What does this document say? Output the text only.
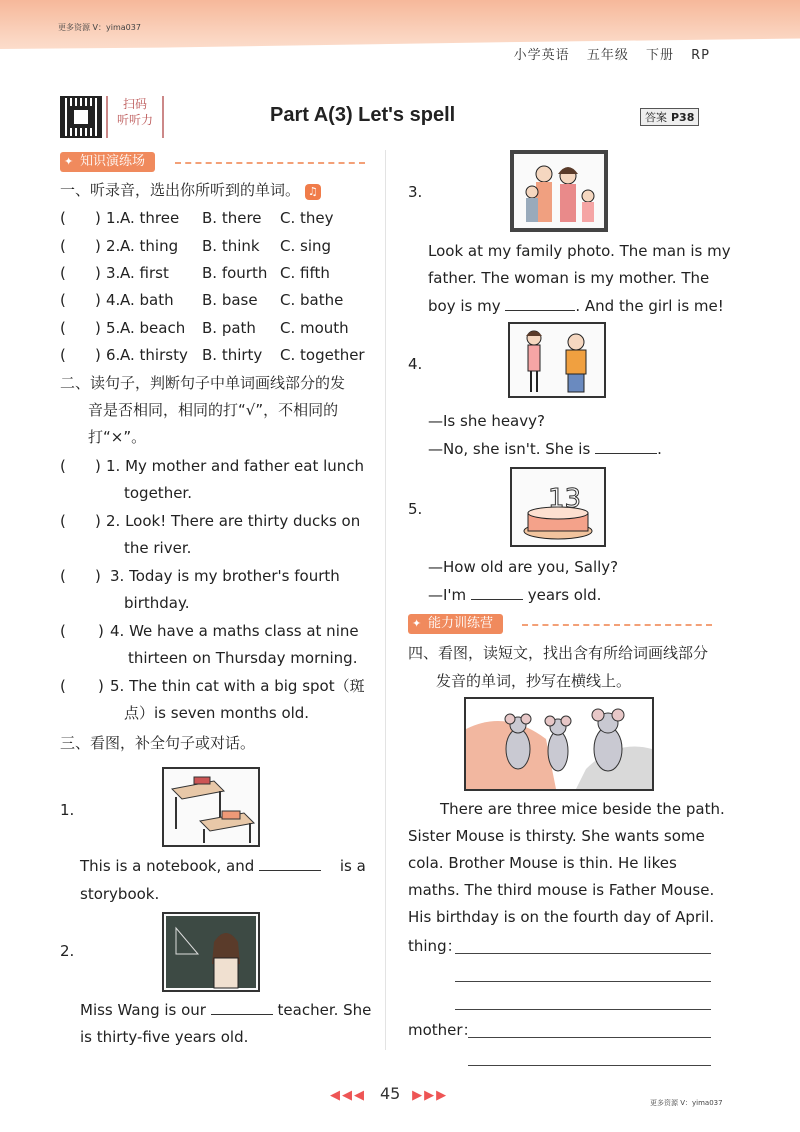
更多资源 V：yima037
小学英语 五年级 下册 RP
扫码
听听力	Part A(3) Let's spell	答案 P38
✦ 知识演练场
一、听录音，选出你所听到的单词。 ♫
( ) 1. A. three B. there C. they
( ) 2. A. thing B. think C. sing
( ) 3. A. first B. fourth C. fifth
( ) 4. A. bath B. base C. bathe
( ) 5. A. beach B. path C. mouth
( ) 6. A. thirsty B. thirty C. together
二、读句子，判断句子中单词画线部分的发
音是否相同，相同的打“√”，不相同的
打“×”。
( ) 1. My mother and father eat lunch
together.
( ) 2. Look! There are thirty ducks on
the river.
( ) 3. Today is my brother's fourth
birthday.
( ) 4. We have a maths class at nine
thirteen on Thursday morning.
( ) 5. The thin cat with a big spot（斑
点）is seven months old.
三、看图，补全句子或对话。
1.
This is a notebook, and	is a
storybook.
2.
Miss Wang is our	teacher. She
is thirty-five years old.
3.
Look at my family photo. The man is my
father. The woman is my mother. The
boy is my	. And the girl is me!
4.
—Is she heavy?
—No, she isn't. She is	.
13
5.
—How old are you, Sally?
—I'm	years old.
✦ 能力训练营
四、看图，读短文，找出含有所给词画线部分
发音的单词，抄写在横线上。
There are three mice beside the path.
Sister Mouse is thirsty. She wants some
cola. Brother Mouse is thin. He likes
maths. The third mouse is Father Mouse.
His birthday is on the fourth day of April.
thing：
mother：
◀◀◀	▶▶▶
45	更多资源 V：yima037
